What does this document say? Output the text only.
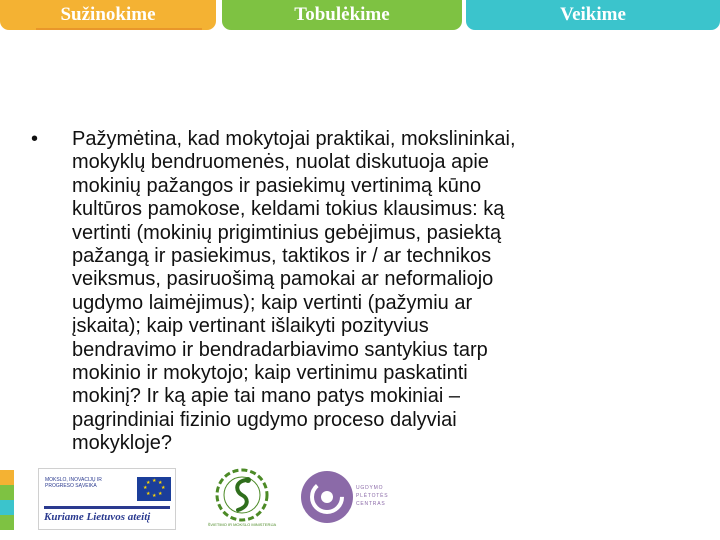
Sužinokime	Tobulėkime	Veikime
•	Pažymėtina, kad mokytojai praktikai, mokslininkai,
mokyklų bendruomenės, nuolat diskutuoja apie
mokinių pažangos ir pasiekimų vertinimą kūno
kultūros pamokose, keldami tokius klausimus: ką
vertinti (mokinių prigimtinius gebėjimus, pasiektą
pažangą ir pasiekimus, taktikos ir / ar technikos
veiksmus, pasiruošimą pamokai ar neformaliojo
ugdymo laimėjimus); kaip vertinti (pažymiu ar
įskaita); kaip vertinant išlaikyti pozityvius
bendravimo ir bendradarbiavimo santykius tarp
mokinio ir mokytojo; kaip vertinimu paskatinti
mokinį? Ir ką apie tai mano patys mokiniai –
pagrindiniai fizinio ugdymo proceso dalyviai
mokykloje?
MOKSLO, INOVACIJŲ IR PROGRESO SĄVEIKA
★ ★
★
★
★
★
★
★
Kuriame Lietuvos ateitį
ŠVIETIMO IR MOKSLO MINISTERIJA
UGDYMO
PLĖTOTĖS
CENTRAS
